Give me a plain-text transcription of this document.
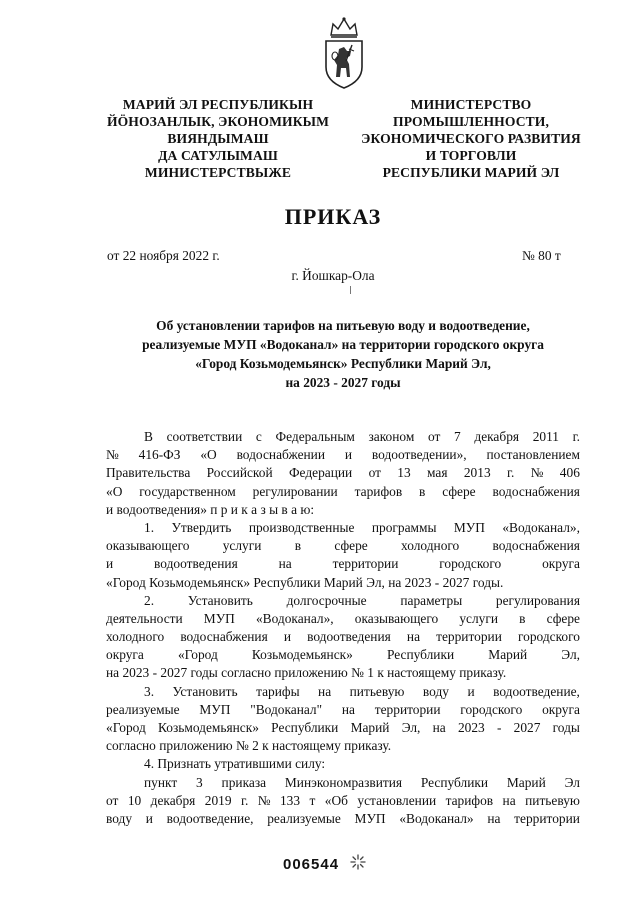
МАРИЙ ЭЛ РЕСПУБЛИКЫН
ЙӦНОЗАНЛЫК, ЭКОНОМИКЫМ
ВИЯНДЫМАШ
ДА САТУЛЫМАШ
МИНИСТЕРСТВЫЖЕ
МИНИСТЕРСТВО
ПРОМЫШЛЕННОСТИ,
ЭКОНОМИЧЕСКОГО РАЗВИТИЯ
И ТОРГОВЛИ
РЕСПУБЛИКИ МАРИЙ ЭЛ
ПРИКАЗ
от 22 ноября 2022 г.	№ 80 т
г. Йошкар-Ола
Об установлении тарифов на питьевую воду и водоотведение,
реализуемые МУП «Водоканал» на территории городского округа
«Город Козьмодемьянск» Республики Марий Эл,
на 2023 - 2027 годы
В соответствии с Федеральным законом от 7 декабря 2011 г.
№ 416-ФЗ «О водоснабжении и водоотведении», постановлением
Правительства Российской Федерации от 13 мая 2013 г. № 406
«О государственном регулировании тарифов в сфере водоснабжения
и водоотведения» п р и к а з ы в а ю:
1. Утвердить производственные программы МУП «Водоканал»,
оказывающего услуги в сфере холодного водоснабжения
и	водоотведения	на	территории	городского	округа
«Город Козьмодемьянск» Республики Марий Эл, на 2023 - 2027 годы.
2.	Установить	долгосрочные	параметры	регулирования
деятельности МУП «Водоканал», оказывающего услуги в сфере
холодного водоснабжения и водоотведения на территории городского
округа	«Город	Козьмодемьянск»	Республики	Марий	Эл,
на 2023 - 2027 годы согласно приложению № 1 к настоящему приказу.
3. Установить тарифы на питьевую воду и водоотведение,
реализуемые МУП "Водоканал" на территории городского округа
«Город Козьмодемьянск» Республики Марий Эл, на 2023 - 2027 годы
согласно приложению № 2 к настоящему приказу.
4. Признать утратившими силу:
пункт 3 приказа Минэкономразвития Республики Марий Эл
от 10 декабря 2019 г. № 133 т «Об установлении тарифов на питьевую
воду и водоотведение, реализуемые МУП «Водоканал» на территории
006544
